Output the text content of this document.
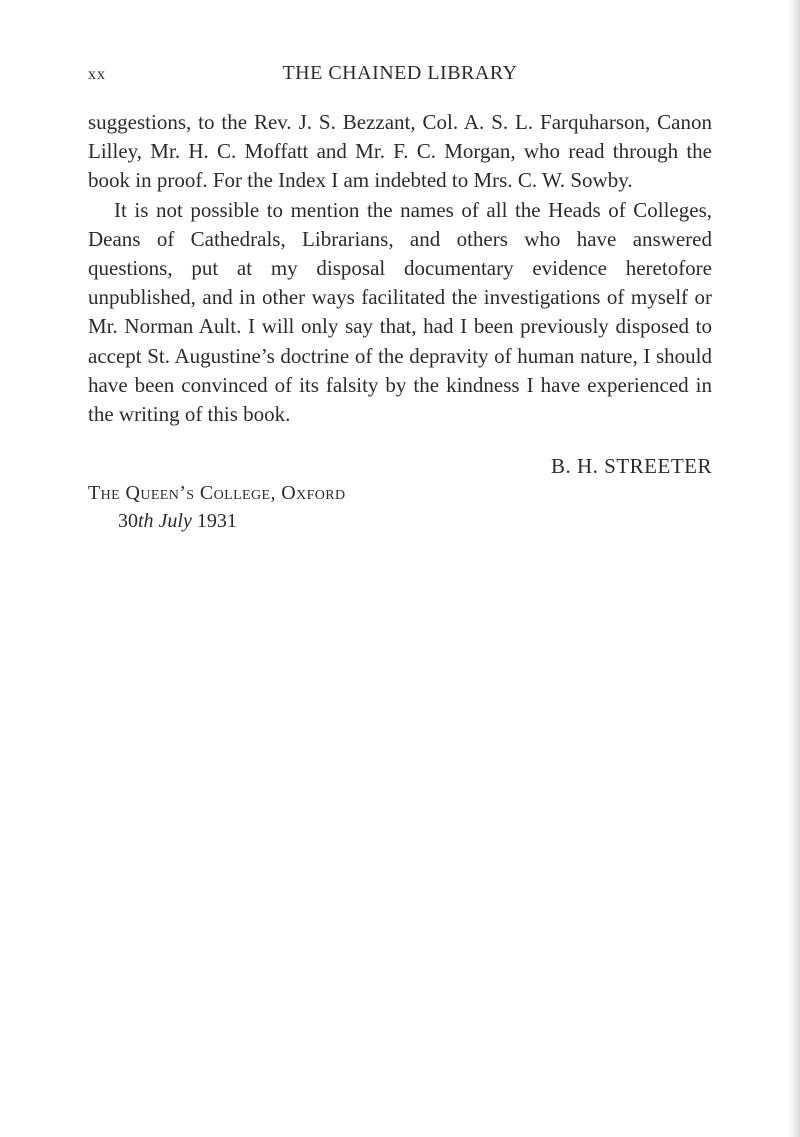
xx	THE CHAINED LIBRARY

suggestions, to the Rev. J. S. Bezzant, Col. A. S. L. Farquharson, Canon Lilley, Mr. H. C. Moffatt and Mr. F. C. Morgan, who read through the book in proof. For the Index I am indebted to Mrs. C. W. Sowby.

It is not possible to mention the names of all the Heads of Colleges, Deans of Cathedrals, Librarians, and others who have answered questions, put at my disposal documentary evidence heretofore unpublished, and in other ways facilitated the investigations of myself or Mr. Norman Ault. I will only say that, had I been previously disposed to accept St. Augustine’s doctrine of the depravity of human nature, I should have been convinced of its falsity by the kindness I have experienced in the writing of this book.

B. H. STREETER
The Queen’s College, Oxford
30th July 1931
